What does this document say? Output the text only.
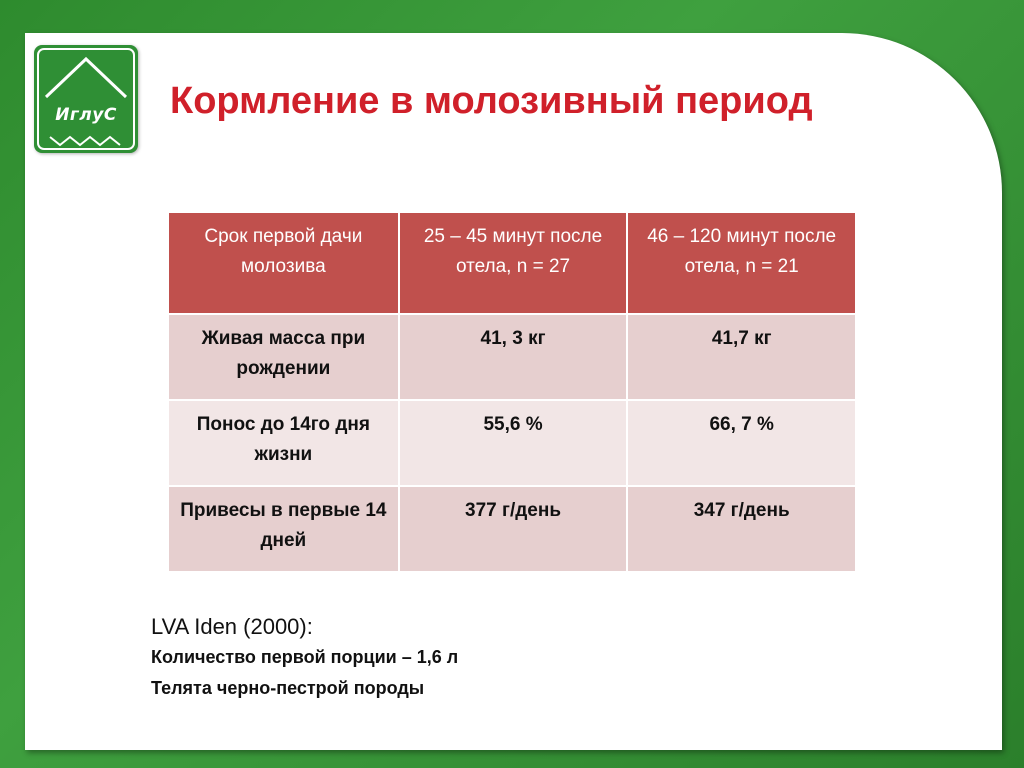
ИглуС	Кормление в молозивный период
Срок первой дачи молозива	25 – 45 минут после отела, n = 27	46 – 120 минут после отела, n = 21
Живая масса при рождении	41, 3 кг	41,7 кг
Понос до 14го дня жизни	55,6 %	66, 7 %
Привесы в первые 14 дней	377 г/день	347 г/день
LVA Iden (2000):
Количество первой порции – 1,6 л
Телята черно-пестрой породы
